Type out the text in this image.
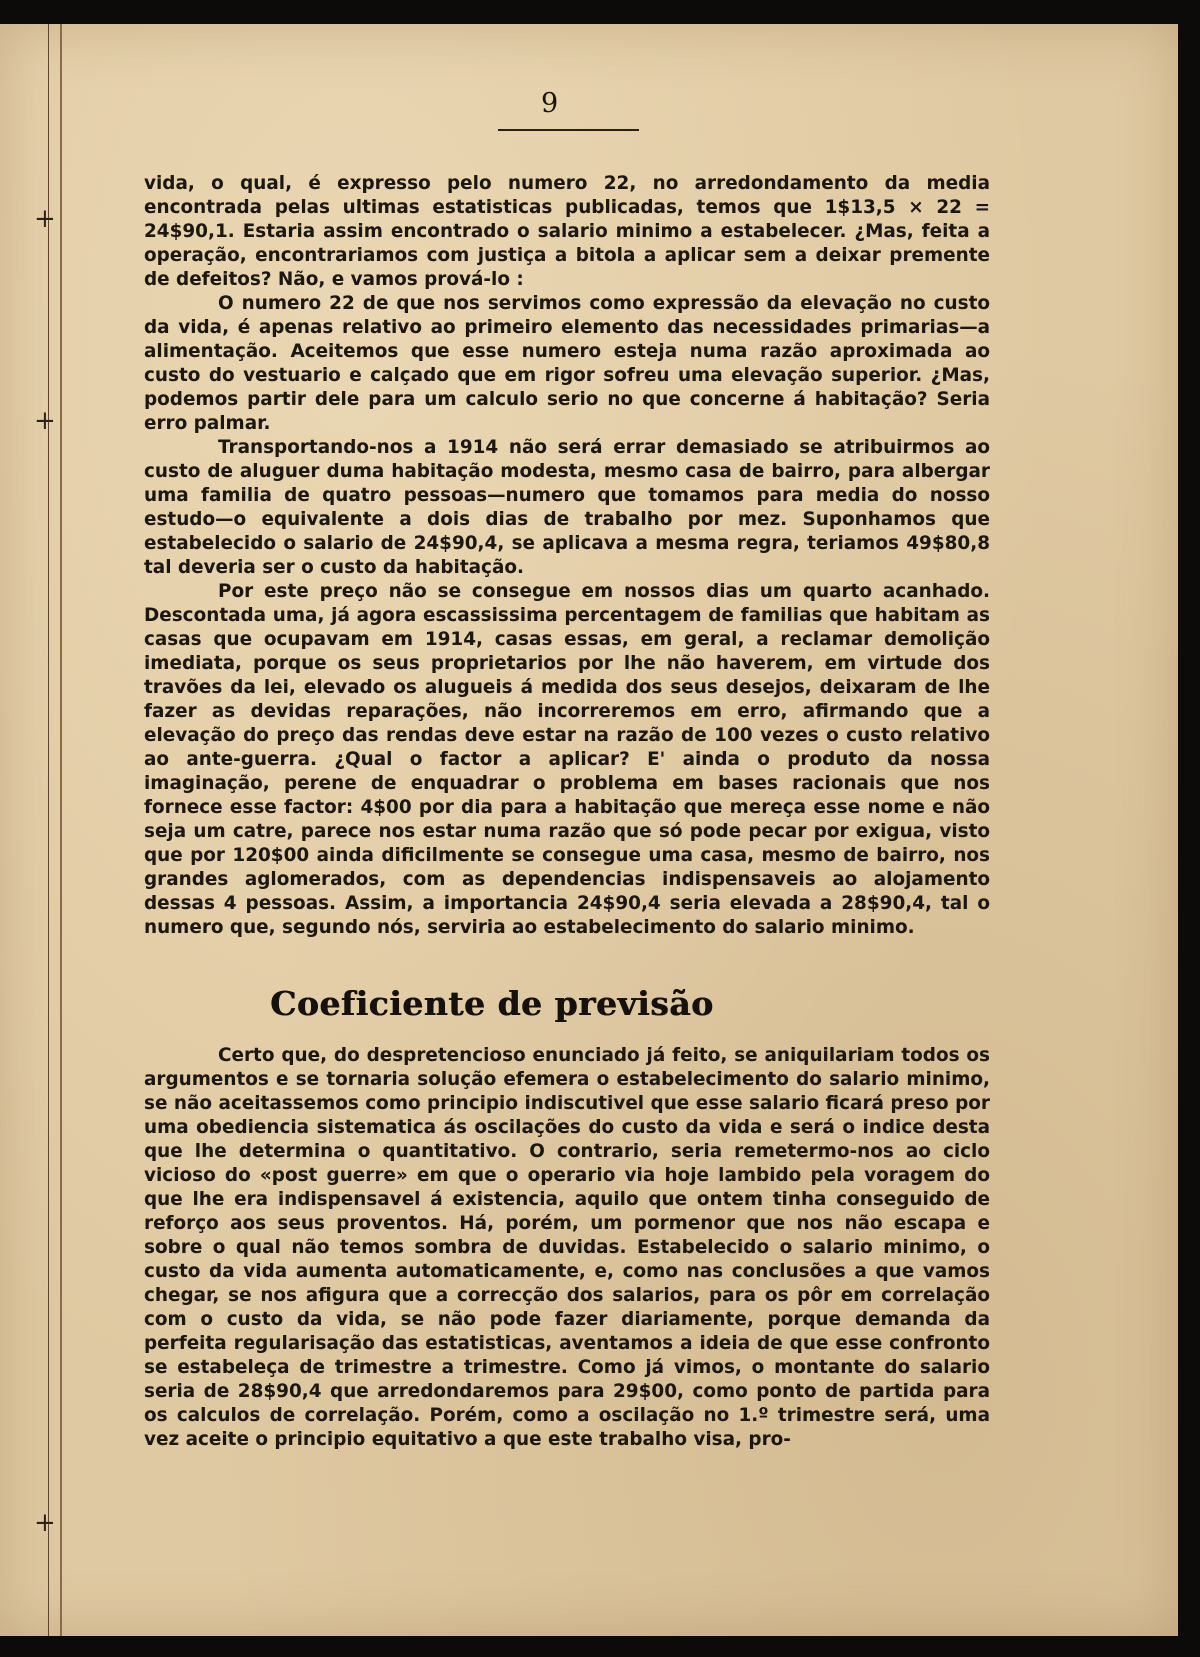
+
+
+
9

vida, o qual, é expresso pelo numero 22, no arredondamento da media encontrada pelas ultimas estatisticas publicadas, temos que 1$13,5 × 22 = 24$90,1. Estaria assim encontrado o salario minimo a estabelecer. ¿Mas, feita a operação, encontrariamos com justiça a bitola a aplicar sem a deixar premente de defeitos? Não, e vamos prová-lo :

O numero 22 de que nos servimos como expressão da elevação no custo da vida, é apenas relativo ao primeiro elemento das necessidades primarias—a alimentação. Aceitemos que esse numero esteja numa razão aproximada ao custo do vestuario e calçado que em rigor sofreu uma elevação superior. ¿Mas, podemos partir dele para um calculo serio no que concerne á habitação? Seria erro palmar.

Transportando-nos a 1914 não será errar demasiado se atribuirmos ao custo de aluguer duma habitação modesta, mesmo casa de bairro, para albergar uma familia de quatro pessoas—numero que tomamos para media do nosso estudo—o equivalente a dois dias de trabalho por mez. Suponhamos que estabelecido o salario de 24$90,4, se aplicava a mesma regra, teriamos 49$80,8 tal deveria ser o custo da habitação.

Por este preço não se consegue em nossos dias um quarto acanhado. Descontada uma, já agora escassissima percentagem de familias que habitam as casas que ocupavam em 1914, casas essas, em geral, a reclamar demolição imediata, porque os seus proprietarios por lhe não haverem, em virtude dos travões da lei, elevado os alugueis á medida dos seus desejos, deixaram de lhe fazer as devidas reparações, não incorreremos em erro, afirmando que a elevação do preço das rendas deve estar na razão de 100 vezes o custo relativo ao ante-guerra. ¿Qual o factor a aplicar? E' ainda o produto da nossa imaginação, perene de enquadrar o problema em bases racionais que nos fornece esse factor: 4$00 por dia para a habitação que mereça esse nome e não seja um catre, parece nos estar numa razão que só pode pecar por exigua, visto que por 120$00 ainda dificilmente se consegue uma casa, mesmo de bairro, nos grandes aglomerados, com as dependencias indispensaveis ao alojamento dessas 4 pessoas. Assim, a importancia 24$90,4 seria elevada a 28$90,4, tal o numero que, segundo nós, serviria ao estabelecimento do salario minimo.

Coeficiente de previsão

Certo que, do despretencioso enunciado já feito, se aniquilariam todos os argumentos e se tornaria solução efemera o estabelecimento do salario minimo, se não aceitassemos como principio indiscutivel que esse salario ficará preso por uma obediencia sistematica ás oscilações do custo da vida e será o indice desta que lhe determina o quantitativo. O contrario, seria remetermo-nos ao ciclo vicioso do «post guerre» em que o operario via hoje lambido pela voragem do que lhe era indispensavel á existencia, aquilo que ontem tinha conseguido de reforço aos seus proventos. Há, porém, um pormenor que nos não escapa e sobre o qual não temos sombra de duvidas. Estabelecido o salario minimo, o custo da vida aumenta automaticamente, e, como nas conclusões a que vamos chegar, se nos afigura que a correcção dos salarios, para os pôr em correlação com o custo da vida, se não pode fazer diariamente, porque demanda da perfeita regularisação das estatisticas, aventamos a ideia de que esse confronto se estabeleça de trimestre a trimestre. Como já vimos, o montante do salario seria de 28$90,4 que arredondaremos para 29$00, como ponto de partida para os calculos de correlação. Porém, como a oscilação no 1.º trimestre será, uma vez aceite o principio equitativo a que este trabalho visa, pro-
